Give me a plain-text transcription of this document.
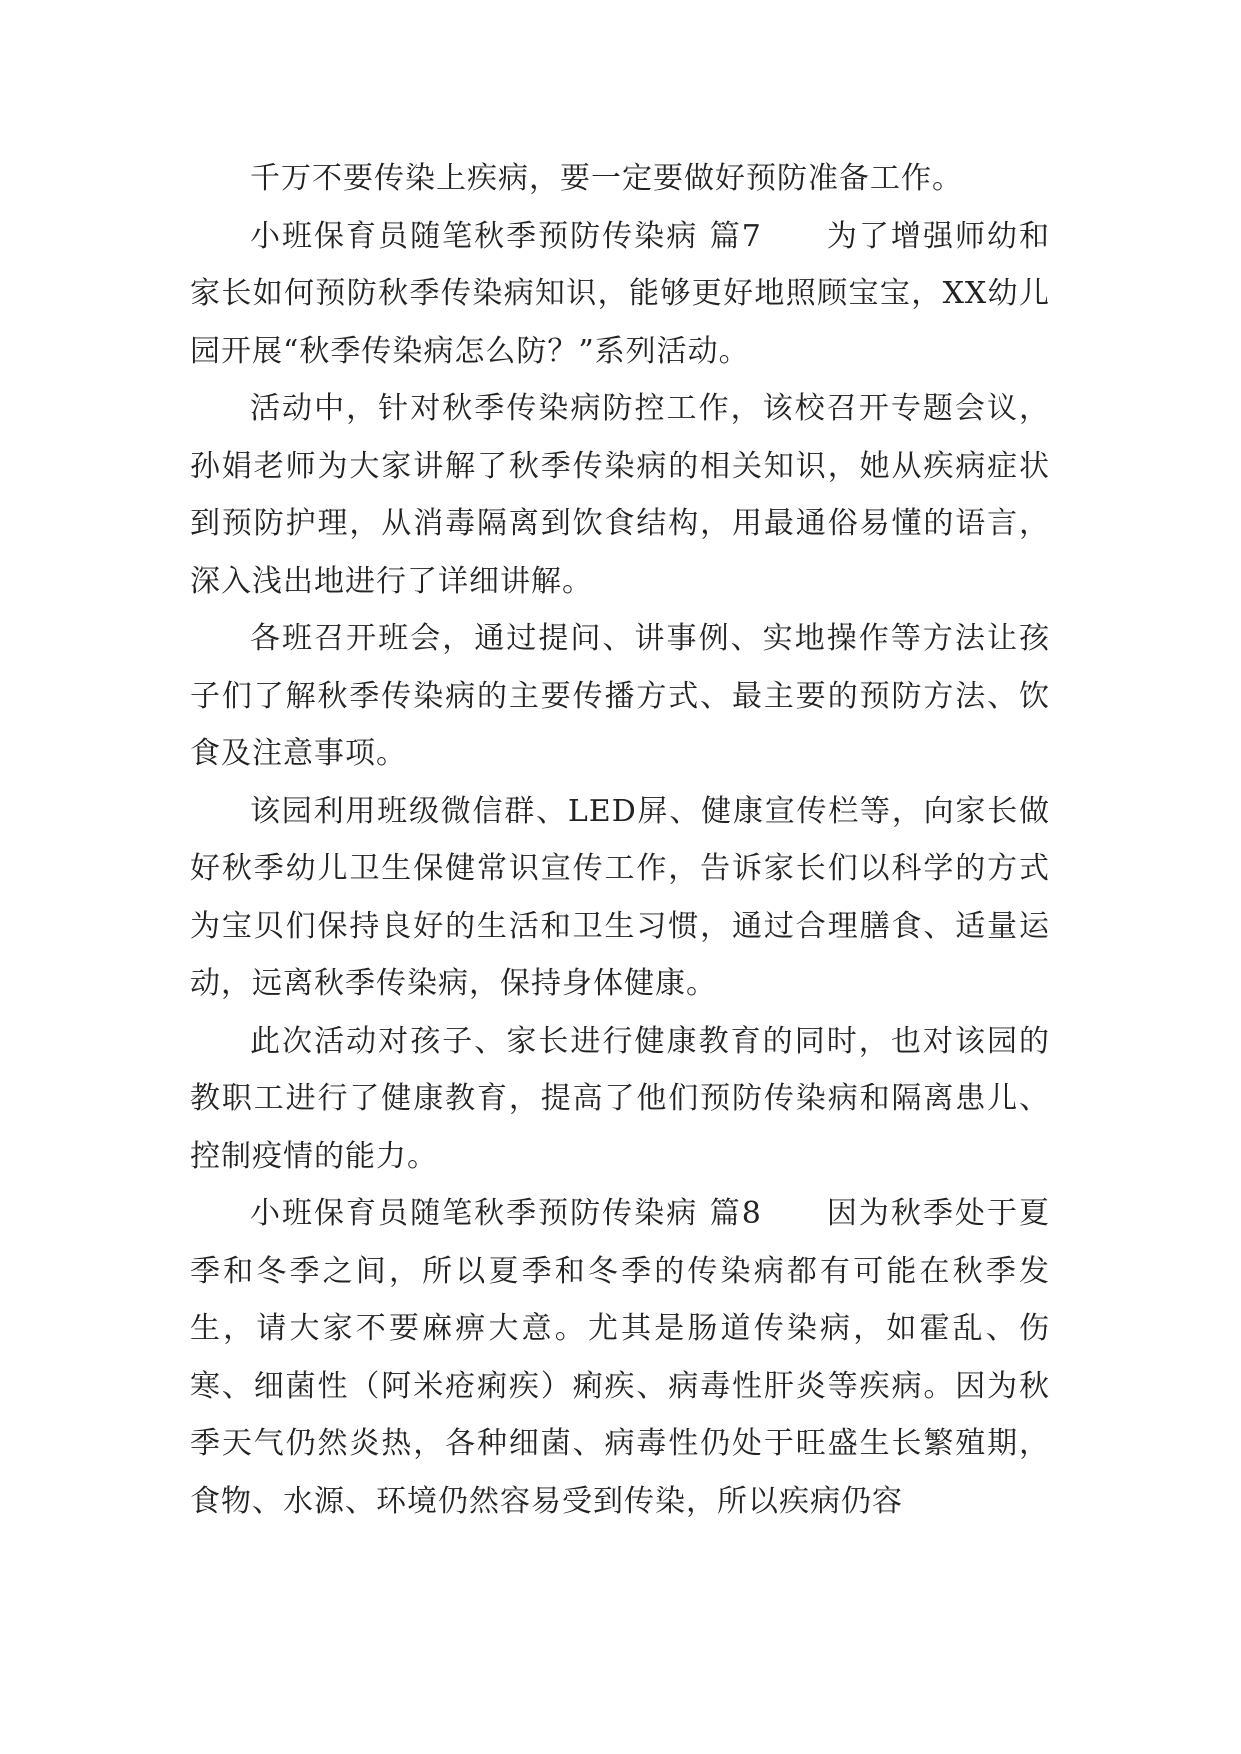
千万不要传染上疾病，要一定要做好预防准备工作。

小班保育员随笔秋季预防传染病 篇7　　为了增强师幼和家长如何预防秋季传染病知识，能够更好地照顾宝宝，XX幼儿园开展“秋季传染病怎么防？”系列活动。

活动中，针对秋季传染病防控工作，该校召开专题会议，孙娟老师为大家讲解了秋季传染病的相关知识，她从疾病症状到预防护理，从消毒隔离到饮食结构，用最通俗易懂的语言，深入浅出地进行了详细讲解。

各班召开班会，通过提问、讲事例、实地操作等方法让孩子们了解秋季传染病的主要传播方式、最主要的预防方法、饮食及注意事项。

该园利用班级微信群、LED屏、健康宣传栏等，向家长做好秋季幼儿卫生保健常识宣传工作，告诉家长们以科学的方式为宝贝们保持良好的生活和卫生习惯，通过合理膳食、适量运动，远离秋季传染病，保持身体健康。

此次活动对孩子、家长进行健康教育的同时，也对该园的教职工进行了健康教育，提高了他们预防传染病和隔离患儿、控制疫情的能力。

小班保育员随笔秋季预防传染病 篇8　　因为秋季处于夏季和冬季之间，所以夏季和冬季的传染病都有可能在秋季发生，请大家不要麻痹大意。尤其是肠道传染病，如霍乱、伤寒、细菌性（阿米疮痢疾）痢疾、病毒性肝炎等疾病。因为秋季天气仍然炎热，各种细菌、病毒性仍处于旺盛生长繁殖期，食物、水源、环境仍然容易受到传染，所以疾病仍容
